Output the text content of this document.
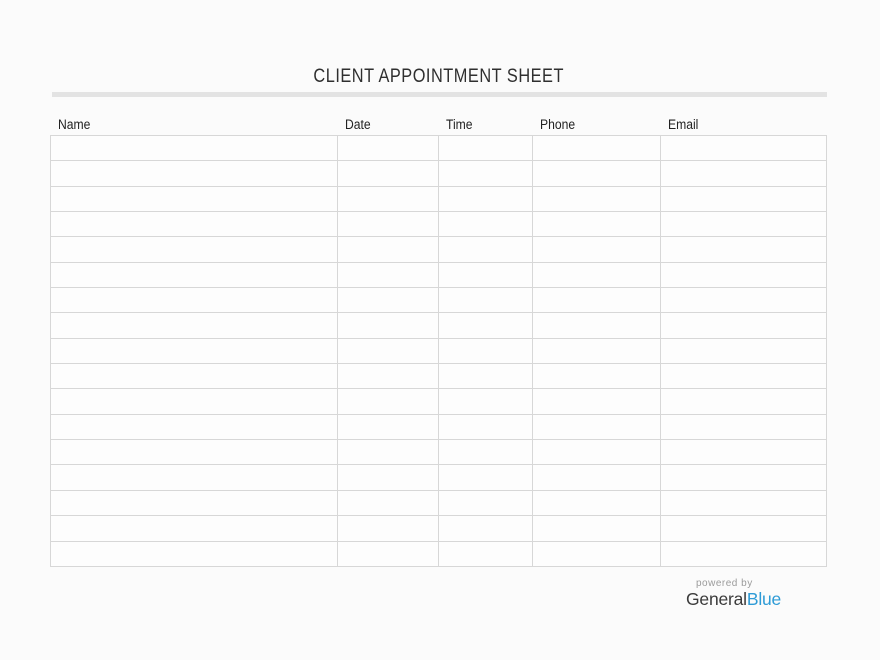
CLIENT APPOINTMENT SHEET
Name	Date	Time	Phone	Email

powered by
GeneralBlue
